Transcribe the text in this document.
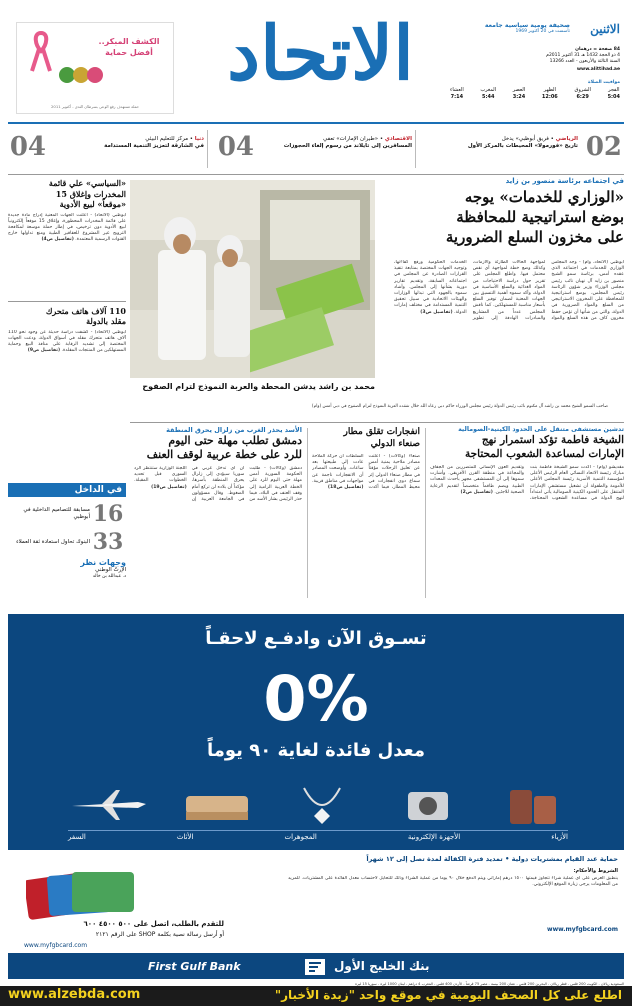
الاثنين
صحيفة يومية سياسية جامعة
تأسست في 20 أكتوبر 1969
84 صفحة = درهمان
4 ذو الحجة 1432 هـ 31 أكتوبر 2011م
السنة الثالثة والأربعون - العدد 13266
www.alittihad.ae
مواقيت الصلاة
الفجر
5:04
الشروق
6:29
الظهر
12:06
العصر
3:24
المغرب
5:44
العشاء
7:14
الاتحاد
الكشف المبكر..
أفضل حماية
حملة تستهدف رفع الوعي بسرطان الثدي - أكتوبر 2011
02
الرياضي • فريق أبوظبي» يدخل
تاريخ «فورمولا» المحيطات بالمركز الأول
04	الاقتصادي • «طيران الإمارات» تعفي
المسافرين إلى تايلاند من رسوم إلغاء الحجوزات
04	دنيا • مركز للتعليم البيئي
في الشارقة لتعزيز التنمية المستدامة
في اجتماعه برئاسة منصور بن زايد
«الوزاري للخدمات» يوجه
بوضع استراتيجية للمحافظة
على مخزون السلع الضرورية
أبوظبي (الاتحاد، وام) - وجه المجلس الوزاري للخدمات في اجتماعه الذي عقده أمس، برئاسة سمو الشيخ منصور بن زايد آل نهيان نائب رئيس مجلس الوزراء وزير شؤون الرئاسة رئيس المجلس، بوضع استراتيجية للمحافظة على المخزون الاستراتيجي من السلع والمواد الضرورية في الدولة، والتي من شأنها أن تؤمن حفظ مخزون كاف من هذه السلع والمواد لمواجهة الحالات الطارئة والأزمات، وكذلك وضع خطة لمواجهة أي نقص محتمل فيها. واطلع المجلس على تقرير حول دراسة الاحتياجات من المواد الغذائية والسلع الأساسية في الدولة، وأكد سموه أهمية التنسيق بين الجهات المعنية لضمان توفير السلع بأسعار مناسبة للمستهلكين. كما ناقش المجلس عدداً من المشاريع والمبادرات الهادفة إلى تطوير الخدمات الحكومية ورفع كفاءتها، وتوجيه الجهات المختصة بمتابعة تنفيذ القرارات الصادرة عن المجلس في اجتماعاته السابقة، وتقديم تقارير دورية بشأنها إلى المجلس. وأشاد سموه بالجهود التي تبذلها الوزارات والهيئات الاتحادية في سبيل تحقيق التنمية المستدامة في مختلف إمارات الدولة. (تفاصيل ص3)
محمد بن راشد يدشن المحطة والعربة النموذج لترام الصفوح
صاحب السمو الشيخ محمد بن راشد آل مكتوم نائب رئيس الدولة رئيس مجلس الوزراء حاكم دبي رعاه الله خلال تفقده العربة النموذج لترام الصفوح في دبي أمس (وام)
«السياسي» علي قائمة
المخدرات وإغلاق 15
«موقعاً» لبيع الأدوية
أبوظبي (الاتحاد) - أعلنت الجهات المعنية إدراج مادة جديدة على قائمة المخدرات المحظورة، وإغلاق 15 موقعاً إلكترونياً لبيع الأدوية دون ترخيص، في إطار حملة موسعة لمكافحة الترويج غير المشروع للعقاقير الطبية ومنع تداولها خارج القنوات الرسمية المعتمدة. (تفاصيل ص4)
110 آلاف هاتف متحرك
مقلد بالدولة
أبوظبي (الاتحاد) - كشفت دراسة حديثة عن وجود نحو 110 آلاف هاتف متحرك مقلد في أسواق الدولة، ودعت الجهات المختصة إلى تشديد الرقابة على منافذ البيع وحماية المستهلكين من المنتجات المقلدة. (تفاصيل ص9)
في الداخل
16
مسابقة للتصاميم الداخلية في أبوظبي
33
البنوك تحاول استعادة ثقة العملاء
وجهات نظر
الإرثُ الوطني
د. عبدالله بن خالد
تدشين مستشفى متنقل على الحدود الكينية-الصومالية
الشيخة فاطمة تؤكد استمرار نهج
الإمارات لمساعدة الشعوب المحتاجة
مقديشو (وام) - أكدت سمو الشيخة فاطمة بنت مبارك رئيسة الاتحاد النسائي العام الرئيس الأعلى لمؤسسة التنمية الأسرية رئيسة المجلس الأعلى للأمومة والطفولة أن تشغيل مستشفى الإمارات المتنقل على الحدود الكينية الصومالية يأتي امتداداً لنهج الدولة في مساعدة الشعوب المحتاجة، وتقديم العون الإنساني للمتضررين من الجفاف والمجاعة في منطقة القرن الأفريقي. وأشارت سموها إلى أن المستشفى مجهز بأحدث المعدات الطبية ويضم طاقماً متخصصاً لتقديم الرعاية الصحية للاجئين. (تفاصيل ص2)
انفجارات تقلق مطار
صنعاء الدولي
صنعاء (وكالات) - أعلنت مصادر ملاحية يمنية أمس عن تعليق الرحلات مؤقتاً في مطار صنعاء الدولي إثر سماع دوي انفجارات في محيط المطار، فيما أكدت السلطات أن حركة الملاحة عادت إلى طبيعتها بعد ساعات. وأوضحت المصادر أن الانفجارات ناجمة عن مواجهات في مناطق قريبة. (تفاصيل ص18)
الأسد يحذر الغرب من زلزال يحرق المنطقة
دمشق تطلب مهلة حتى اليوم
للرد على خطة عربية لوقف العنف
دمشق (وكالات) - طلبت الحكومة السورية أمس مهلة حتى اليوم للرد على الخطة العربية الرامية إلى وقف العنف في البلاد، فيما حذر الرئيس بشار الأسد من أن أي تدخل غربي في سوريا سيؤدي إلى زلزال يحرق المنطقة بأسرها، مؤكداً أن بلاده لن تركع أمام الضغوط. وقال مسؤولون في الجامعة العربية إن اللجنة الوزارية ستنتظر الرد السوري قبل تحديد الخطوات المقبلة. (تفاصيل ص19)
تسـوق الآن وادفـع لاحقـاً
0%
معدل فائدة لغاية ٩٠ يوماً
الأزياء
الأجهزة الإلكترونية
المجوهرات
الأثاث
السفر
حماية عند القيام بمشتريات دولية • تمديد فترة الكفالة لمدة تصل إلى ١٢ شهراً
الشروط والأحكام:
ينطبق العرض على أي عملية شراء تتجاوز قيمتها ١٥٠٠ درهم إماراتي ويتم الدفع خلال ٩٠ يوماً من عملية الشراء وذلك للتحايل لاحتساب معدل الفائدة على المشتريات. للمزيد من المعلومات يرجى زيارة الموقع الإلكتروني.
www.myfgbcard.com
للتقدم بالطلب، اتصل على ٥٠٠ ٤٥٠٠ ٦٠٠
أو أرسل رسالة نصية بكلمة SHOP على الرقم ٢١٢١
www.myfgbcard.com
First Gulf Bank	بنك الخليج الأول
السعودية ريالان - الكويت 200 فلس - قطر ريالان - البحرين 200 فلس - عمان 200 بيسة - مصر 75 قرشاً - الأردن 400 فلس - المغرب 4 دراهم - لبنان 1000 ليرة - سوريا 15 ليرة
اطلع على كل الصحف اليومية في موقع واحد "زبدة الأخبار"
www.alzebda.com
